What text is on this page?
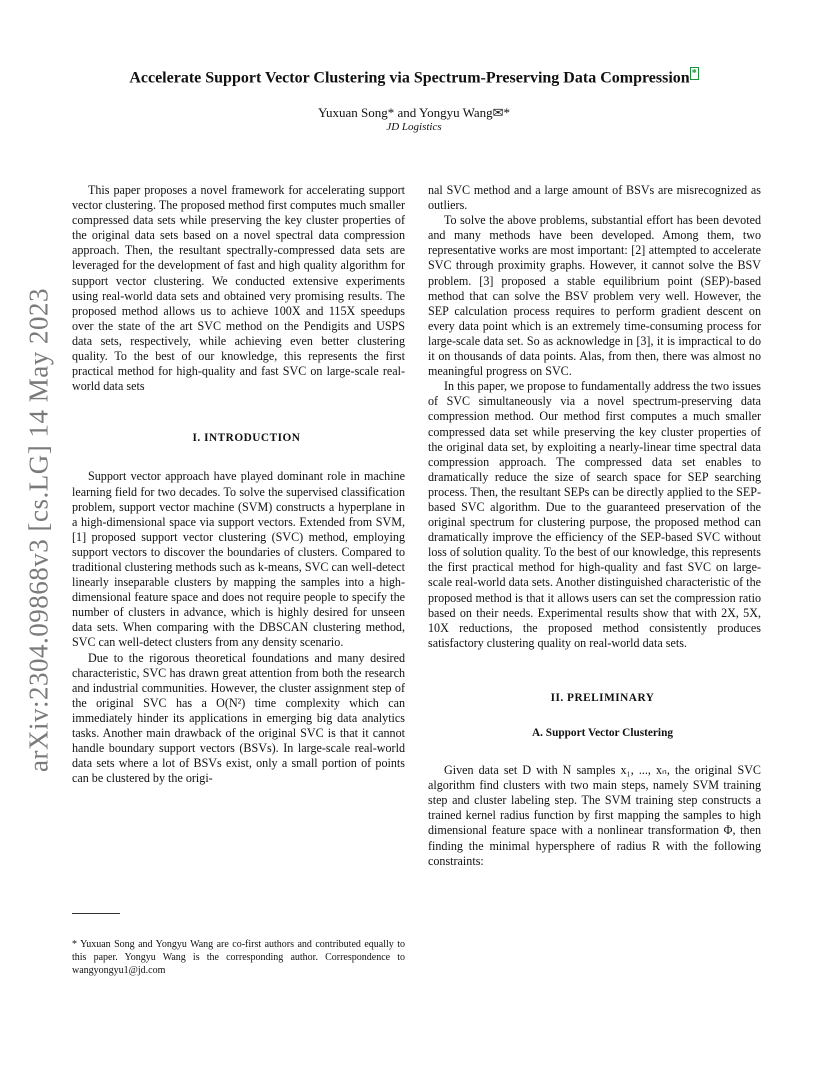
arXiv:2304.09868v3 [cs.LG] 14 May 2023
Accelerate Support Vector Clustering via Spectrum-Preserving Data Compression *
Yuxuan Song* and Yongyu Wang✉*
JD Logistics

This paper proposes a novel framework for accelerating support vector clustering. The proposed method first computes much smaller compressed data sets while preserving the key cluster properties of the original data sets based on a novel spectral data compression approach. Then, the resultant spectrally-compressed data sets are leveraged for the development of fast and high quality algorithm for support vector clustering. We conducted extensive experiments using real-world data sets and obtained very promising results. The proposed method allows us to achieve 100X and 115X speedups over the state of the art SVC method on the Pendigits and USPS data sets, respectively, while achieving even better clustering quality. To the best of our knowledge, this represents the first practical method for high-quality and fast SVC on large-scale real-world data sets

I. INTRODUCTION

Support vector approach have played dominant role in machine learning field for two decades. To solve the supervised classification problem, support vector machine (SVM) constructs a hyperplane in a high-dimensional space via support vectors. Extended from SVM, [1] proposed support vector clustering (SVC) method, employing support vectors to discover the boundaries of clusters. Compared to traditional clustering methods such as k-means, SVC can well-detect linearly inseparable clusters by mapping the samples into a high-dimensional feature space and does not require people to specify the number of clusters in advance, which is highly desired for unseen data sets. When comparing with the DBSCAN clustering method, SVC can well-detect clusters from any density scenario.

Due to the rigorous theoretical foundations and many desired characteristic, SVC has drawn great attention from both the research and industrial communities. However, the cluster assignment step of the original SVC has a O(N²) time complexity which can immediately hinder its applications in emerging big data analytics tasks. Another main drawback of the original SVC is that it cannot handle boundary support vectors (BSVs). In large-scale real-world data sets where a lot of BSVs exist, only a small portion of points can be clustered by the origi-

nal SVC method and a large amount of BSVs are misrecognized as outliers.

To solve the above problems, substantial effort has been devoted and many methods have been developed. Among them, two representative works are most important: [2] attempted to accelerate SVC through proximity graphs. However, it cannot solve the BSV problem. [3] proposed a stable equilibrium point (SEP)-based method that can solve the BSV problem very well. However, the SEP calculation process requires to perform gradient descent on every data point which is an extremely time-consuming process for large-scale data set. So as acknowledge in [3], it is impractical to do it on thousands of data points. Alas, from then, there was almost no meaningful progress on SVC.

In this paper, we propose to fundamentally address the two issues of SVC simultaneously via a novel spectrum-preserving data compression method. Our method first computes a much smaller compressed data set while preserving the key cluster properties of the original data set, by exploiting a nearly-linear time spectral data compression approach. The compressed data set enables to dramatically reduce the size of search space for SEP searching process. Then, the resultant SEPs can be directly applied to the SEP-based SVC algorithm. Due to the guaranteed preservation of the original spectrum for clustering purpose, the proposed method can dramatically improve the efficiency of the SEP-based SVC without loss of solution quality. To the best of our knowledge, this represents the first practical method for high-quality and fast SVC on large-scale real-world data sets. Another distinguished characteristic of the proposed method is that it allows users can set the compression ratio based on their needs. Experimental results show that with 2X, 5X, 10X reductions, the proposed method consistently produces satisfactory clustering quality on real-world data sets.

II. PRELIMINARY

A. Support Vector Clustering

Given data set D with N samples x₁, ..., xₙ, the original SVC algorithm find clusters with two main steps, namely SVM training step and cluster labeling step. The SVM training step constructs a trained kernel radius function by first mapping the samples to high dimensional feature space with a nonlinear transformation Φ, then finding the minimal hypersphere of radius R with the following constraints:

* Yuxuan Song and Yongyu Wang are co-first authors and contributed equally to this paper. Yongyu Wang is the corresponding author. Correspondence to wangyongyu1@jd.com
